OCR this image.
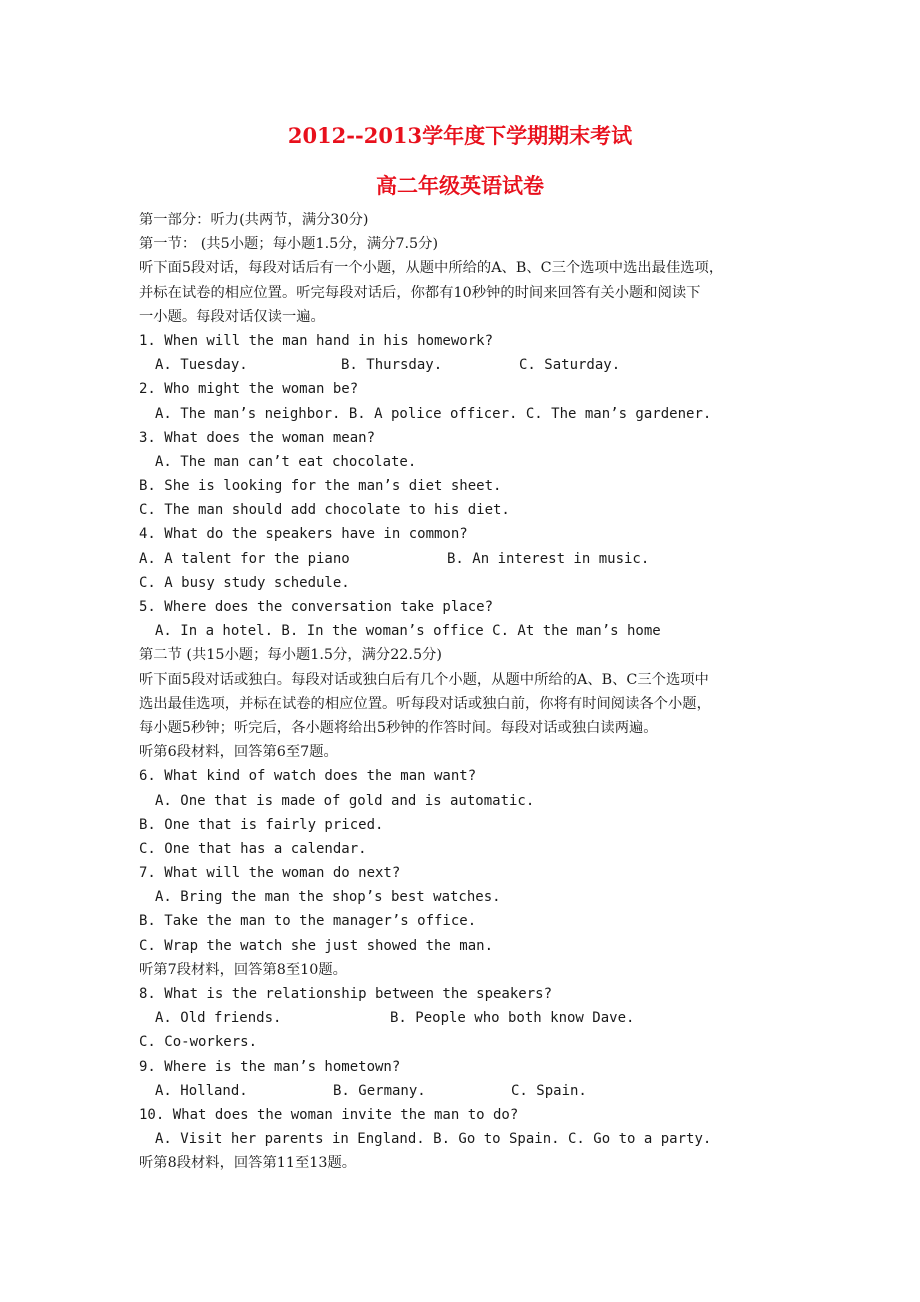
2012--2013学年度下学期期末考试
高二年级英语试卷
第一部分：听力(共两节，满分30分)
第一节： (共5小题；每小题1.5分，满分7.5分)
听下面5段对话，每段对话后有一个小题，从题中所给的A、B、C三个选项中选出最佳选项，
并标在试卷的相应位置。听完每段对话后，你都有10秒钟的时间来回答有关小题和阅读下
一小题。每段对话仅读一遍。
1. When will the man hand in his homework?
A. Tuesday.	B. Thursday.	C. Saturday.
2. Who might the woman be?
A. The man’s neighbor. B. A police officer. C. The man’s gardener.
3. What does the woman mean?
A. The man can’t eat chocolate.
B. She is looking for the man’s diet sheet.
C. The man should add chocolate to his diet.
4. What do the speakers have in common?
A. A talent for the piano	B. An interest in music.
C. A busy study schedule.
5. Where does the conversation take place?
A. In a hotel. B. In the woman’s office C. At the man’s home
第二节 (共15小题；每小题1.5分，满分22.5分)
听下面5段对话或独白。每段对话或独白后有几个小题，从题中所给的A、B、C三个选项中
选出最佳选项，并标在试卷的相应位置。听每段对话或独白前，你将有时间阅读各个小题，
每小题5秒钟；听完后，各小题将给出5秒钟的作答时间。每段对话或独白读两遍。
听第6段材料，回答第6至7题。
6. What kind of watch does the man want?
A. One that is made of gold and is automatic.
B. One that is fairly priced.
C. One that has a calendar.
7. What will the woman do next?
A. Bring the man the shop’s best watches.
B. Take the man to the manager’s office.
C. Wrap the watch she just showed the man.
听第7段材料，回答第8至10题。
8. What is the relationship between the speakers?
A. Old friends.	B. People who both know Dave.
C. Co-workers.
9. Where is the man’s hometown?
A. Holland.	B. Germany.	C. Spain.
10. What does the woman invite the man to do?
A. Visit her parents in England. B. Go to Spain. C. Go to a party.
听第8段材料，回答第11至13题。
